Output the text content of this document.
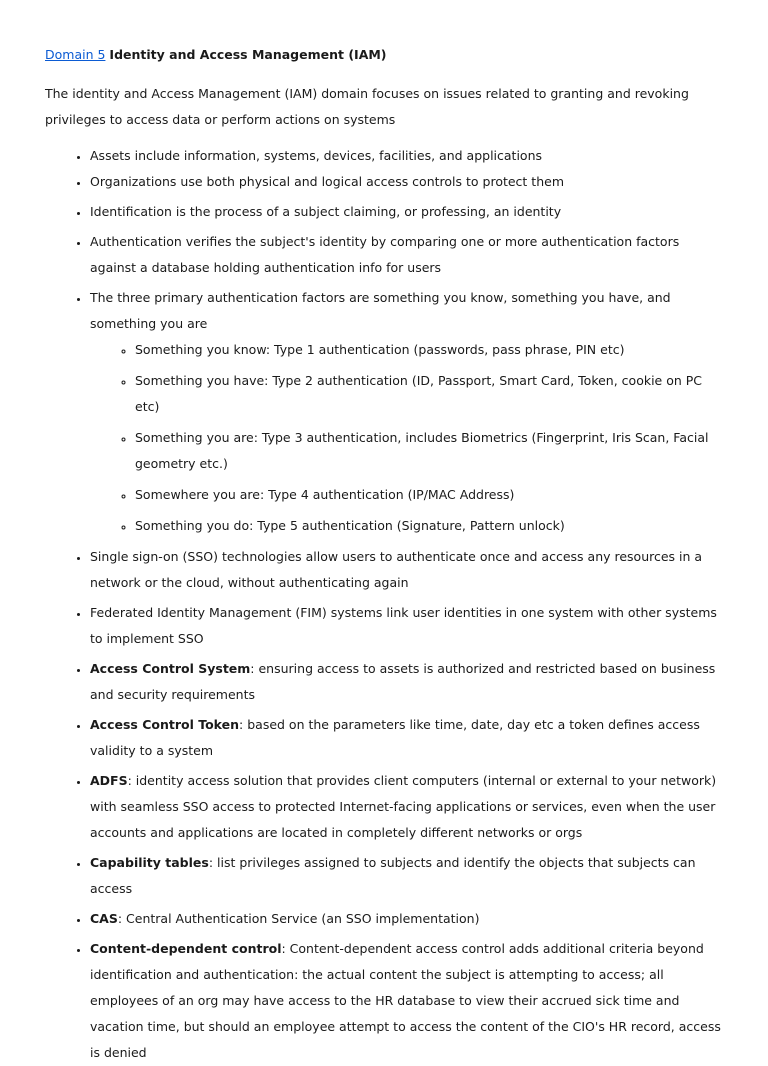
Domain 5 Identity and Access Management (IAM)

The identity and Access Management (IAM) domain focuses on issues related to granting and revoking privileges to access data or perform actions on systems

• Assets include information, systems, devices, facilities, and applications
• Organizations use both physical and logical access controls to protect them
• Identification is the process of a subject claiming, or professing, an identity
• Authentication verifies the subject's identity by comparing one or more authentication factors against a database holding authentication info for users
• The three primary authentication factors are something you know, something you have, and something you are
◦ Something you know: Type 1 authentication (passwords, pass phrase, PIN etc)
◦ Something you have: Type 2 authentication (ID, Passport, Smart Card, Token, cookie on PC etc)
◦ Something you are: Type 3 authentication, includes Biometrics (Fingerprint, Iris Scan, Facial geometry etc.)
◦ Somewhere you are: Type 4 authentication (IP/MAC Address)
◦ Something you do: Type 5 authentication (Signature, Pattern unlock)
• Single sign-on (SSO) technologies allow users to authenticate once and access any resources in a network or the cloud, without authenticating again
• Federated Identity Management (FIM) systems link user identities in one system with other systems to implement SSO
• Access Control System: ensuring access to assets is authorized and restricted based on business and security requirements
• Access Control Token: based on the parameters like time, date, day etc a token defines access validity to a system
• ADFS: identity access solution that provides client computers (internal or external to your network) with seamless SSO access to protected Internet-facing applications or services, even when the user accounts and applications are located in completely different networks or orgs
• Capability tables: list privileges assigned to subjects and identify the objects that subjects can access
• CAS: Central Authentication Service (an SSO implementation)
• Content-dependent control: Content-dependent access control adds additional criteria beyond identification and authentication: the actual content the subject is attempting to access; all employees of an org may have access to the HR database to view their accrued sick time and vacation time, but should an employee attempt to access the content of the CIO's HR record, access is denied
